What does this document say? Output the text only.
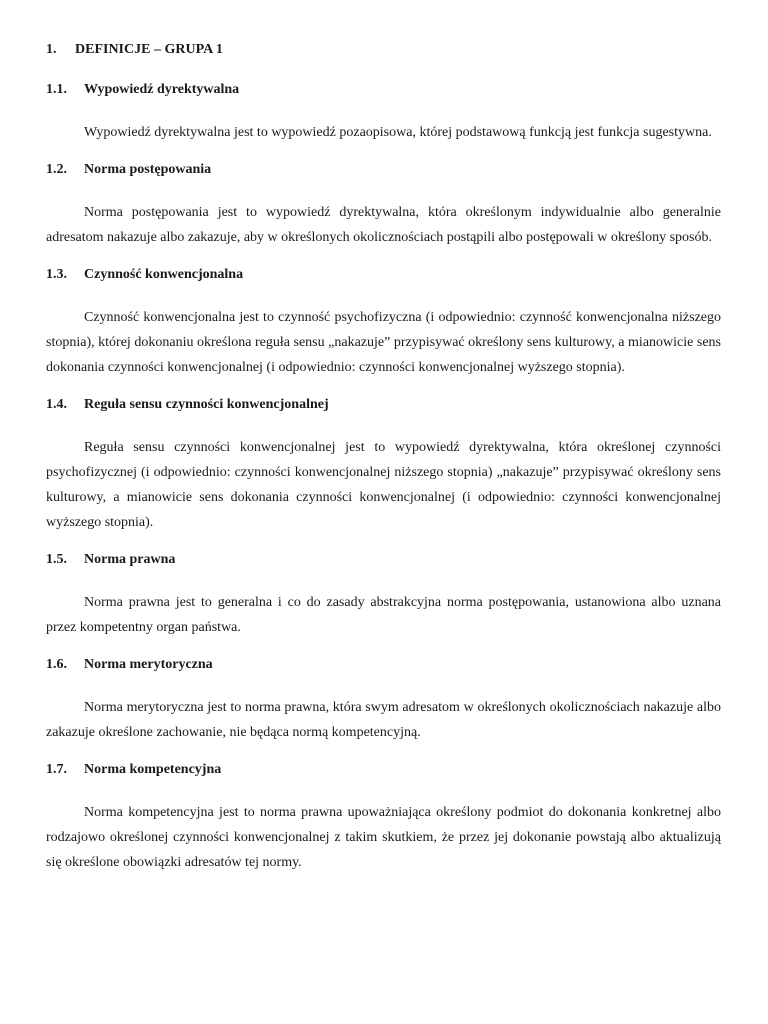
1.	DEFINICJE – GRUPA 1
1.1.	Wypowiedź dyrektywalna

Wypowiedź dyrektywalna jest to wypowiedź pozaopisowa, której podstawową funkcją jest funkcja sugestywna.

1.2.	Norma postępowania

Norma postępowania jest to wypowiedź dyrektywalna, która określonym indywidualnie albo generalnie adresatom nakazuje albo zakazuje, aby w określonych okolicznościach postąpili albo postępowali w określony sposób.

1.3.	Czynność konwencjonalna

Czynność konwencjonalna jest to czynność psychofizyczna (i odpowiednio: czynność konwencjonalna niższego stopnia), której dokonaniu określona reguła sensu „nakazuje” przypisywać określony sens kulturowy, a mianowicie sens dokonania czynności konwencjonalnej (i odpowiednio: czynności konwencjonalnej wyższego stopnia).

1.4.	Reguła sensu czynności konwencjonalnej

Reguła sensu czynności konwencjonalnej jest to wypowiedź dyrektywalna, która określonej czynności psychofizycznej (i odpowiednio: czynności konwencjonalnej niższego stopnia) „nakazuje” przypisywać określony sens kulturowy, a mianowicie sens dokonania czynności konwencjonalnej (i odpowiednio: czynności konwencjonalnej wyższego stopnia).

1.5.	Norma prawna

Norma prawna jest to generalna i co do zasady abstrakcyjna norma postępowania, ustanowiona albo uznana przez kompetentny organ państwa.

1.6.	Norma merytoryczna

Norma merytoryczna jest to norma prawna, która swym adresatom w określonych okolicznościach nakazuje albo zakazuje określone zachowanie, nie będąca normą kompetencyjną.

1.7.	Norma kompetencyjna

Norma kompetencyjna jest to norma prawna upoważniająca określony podmiot do dokonania konkretnej albo rodzajowo określonej czynności konwencjonalnej z takim skutkiem, że przez jej dokonanie powstają albo aktualizują się określone obowiązki adresatów tej normy.
